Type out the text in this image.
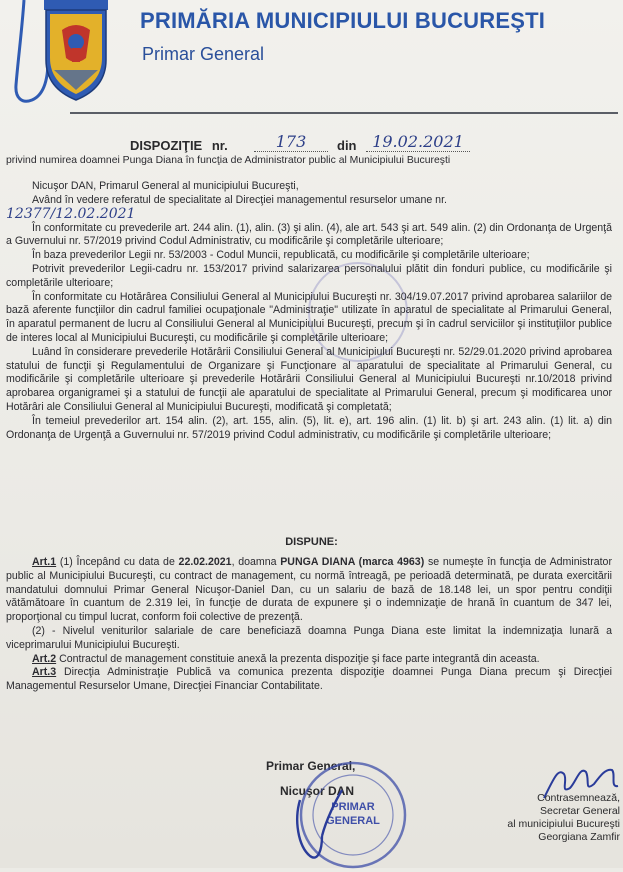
PRIMĂRIA MUNICIPIULUI BUCUREŞTI
Primar General
DISPOZIŢIE nr.	173	din 19.02.2021
privind numirea doamnei Punga Diana în funcţia de Administrator public al Municipiului Bucureşti

Nicuşor DAN, Primarul General al municipiului Bucureşti,

Având în vedere referatul de specialitate al Direcţiei managementul resurselor umane nr.

12377/12.02.2021

În conformitate cu prevederile art. 244 alin. (1), alin. (3) şi alin. (4), ale art. 543 şi art. 549 alin. (2) din Ordonanţa de Urgenţă a Guvernului nr. 57/2019 privind Codul Administrativ, cu modificările şi completările ulterioare;

În baza prevederilor Legii nr. 53/2003 - Codul Muncii, republicată, cu modificările şi completările ulterioare;

Potrivit prevederilor Legii-cadru nr. 153/2017 privind salarizarea personalului plătit din fonduri publice, cu modificările şi completările ulterioare;

În conformitate cu Hotărârea Consiliului General al Municipiului Bucureşti nr. 304/19.07.2017 privind aprobarea salariilor de bază aferente funcţiilor din cadrul familiei ocupaţionale "Administraţie" utilizate în aparatul de specialitate al Primarului General, în aparatul permanent de lucru al Consiliului General al Municipiului Bucureşti, precum şi în cadrul serviciilor şi instituţiilor publice de interes local al Municipiului Bucureşti, cu modificările şi completările ulterioare;

Luând în considerare prevederile Hotărârii Consiliului General al Municipiului Bucureşti nr. 52/29.01.2020 privind aprobarea statului de funcţii şi Regulamentului de Organizare şi Funcţionare al aparatului de specialitate al Primarului General, cu modificările şi completările ulterioare şi prevederile Hotărârii Consiliului General al Municipiului Bucureşti nr.10/2018 privind aprobarea organigramei şi a statului de funcţii ale aparatului de specialitate al Primarului General, precum şi modificarea unor Hotărâri ale Consiliului General al Municipiului Bucureşti, modificată şi completată;

În temeiul prevederilor art. 154 alin. (2), art. 155, alin. (5), lit. e), art. 196 alin. (1) lit. b) şi art. 243 alin. (1) lit. a) din Ordonanţa de Urgenţă a Guvernului nr. 57/2019 privind Codul administrativ, cu modificările şi completările ulterioare;

DISPUNE:

Art.1 (1) Începând cu data de 22.02.2021, doamna PUNGA DIANA (marca 4963) se numeşte în funcţia de Administrator public al Municipiului Bucureşti, cu contract de management, cu normă întreagă, pe perioadă determinată, pe durata exercitării mandatului domnului Primar General Nicuşor-Daniel Dan, cu un salariu de bază de 18.148 lei, un spor pentru condiţii vătămătoare în cuantum de 2.319 lei, în funcţie de durata de expunere şi o indemnizaţie de hrană în cuantum de 347 lei, proporţional cu timpul lucrat, conform foii colective de prezenţă.

(2) - Nivelul veniturilor salariale de care beneficiază doamna Punga Diana este limitat la indemnizaţia lunară a viceprimarului Municipiului Bucureşti.

Art.2 Contractul de management constituie anexă la prezenta dispoziţie şi face parte integrantă din aceasta.

Art.3 Direcţia Administraţie Publică va comunica prezenta dispoziţie doamnei Punga Diana precum şi Direcţiei Managementul Resurselor Umane, Direcţiei Financiar Contabilitate.

Primar General,
Nicuşor DAN
PRIMAR
GENERAL
Contrasemnează,
Secretar General
al municipiului Bucureşti
Georgiana Zamfir
